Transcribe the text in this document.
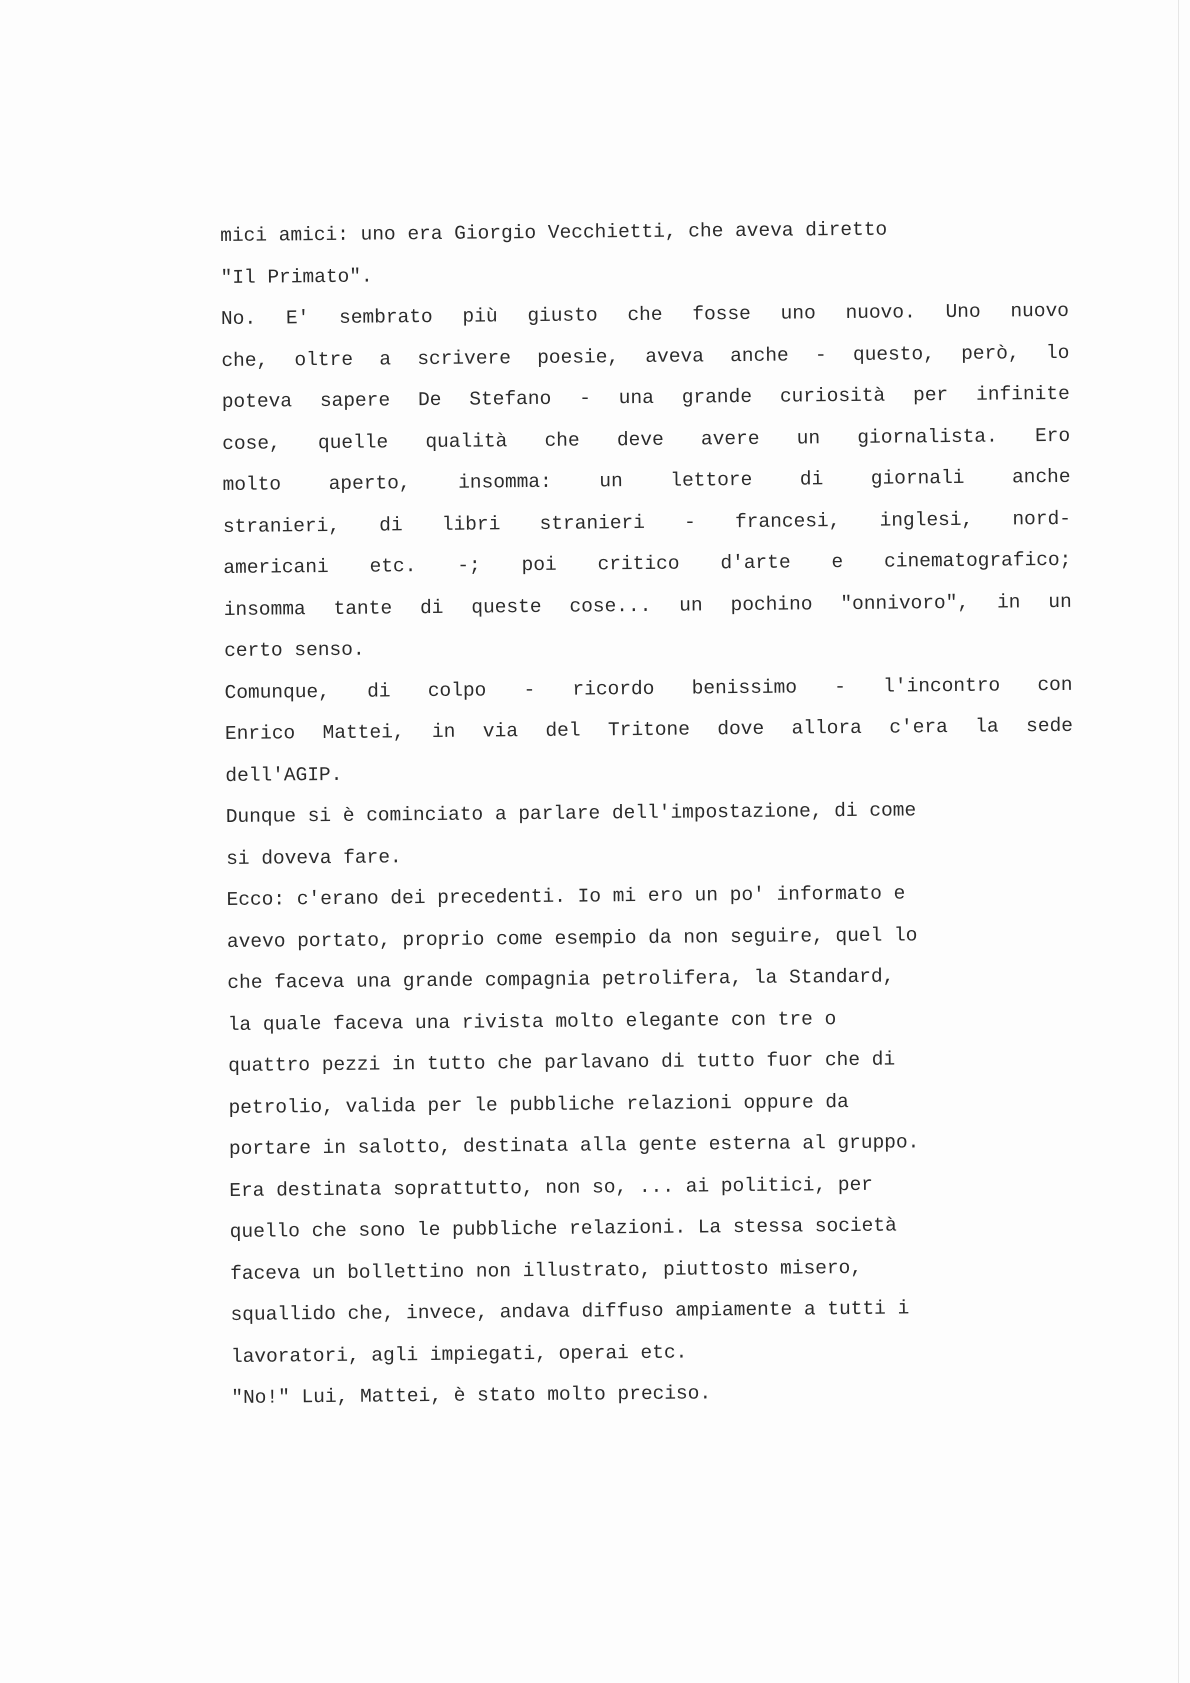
mici amici: uno era Giorgio Vecchietti, che aveva diretto
"Il Primato".
No. E' sembrato più giusto che fosse uno nuovo. Uno nuovo
che, oltre a scrivere poesie, aveva anche - questo, però, lo
poteva sapere De Stefano - una grande curiosità per infinite
cose, quelle qualità che deve avere un giornalista. Ero
molto aperto, insomma: un lettore di giornali anche
stranieri, di libri stranieri - francesi, inglesi, nord-
americani etc. -; poi critico d'arte e cinematografico;
insomma tante di queste cose... un pochino "onnivoro", in un
certo senso.
Comunque, di colpo - ricordo benissimo - l'incontro con
Enrico Mattei, in via del Tritone dove allora c'era la sede
dell'AGIP.
Dunque si è cominciato a parlare dell'impostazione, di come
si doveva fare.
Ecco: c'erano dei precedenti. Io mi ero un po' informato e
avevo portato, proprio come esempio da non seguire, quel lo
che faceva una grande compagnia petrolifera, la Standard,
la quale faceva una rivista molto elegante con tre o
quattro pezzi in tutto che parlavano di tutto fuor che di
petrolio, valida per le pubbliche relazioni oppure da
portare in salotto, destinata alla gente esterna al gruppo.
Era destinata soprattutto, non so, ... ai politici, per
quello che sono le pubbliche relazioni. La stessa società
faceva un bollettino non illustrato, piuttosto misero,
squallido che, invece, andava diffuso ampiamente a tutti i
lavoratori, agli impiegati, operai etc.
"No!" Lui, Mattei, è stato molto preciso.
